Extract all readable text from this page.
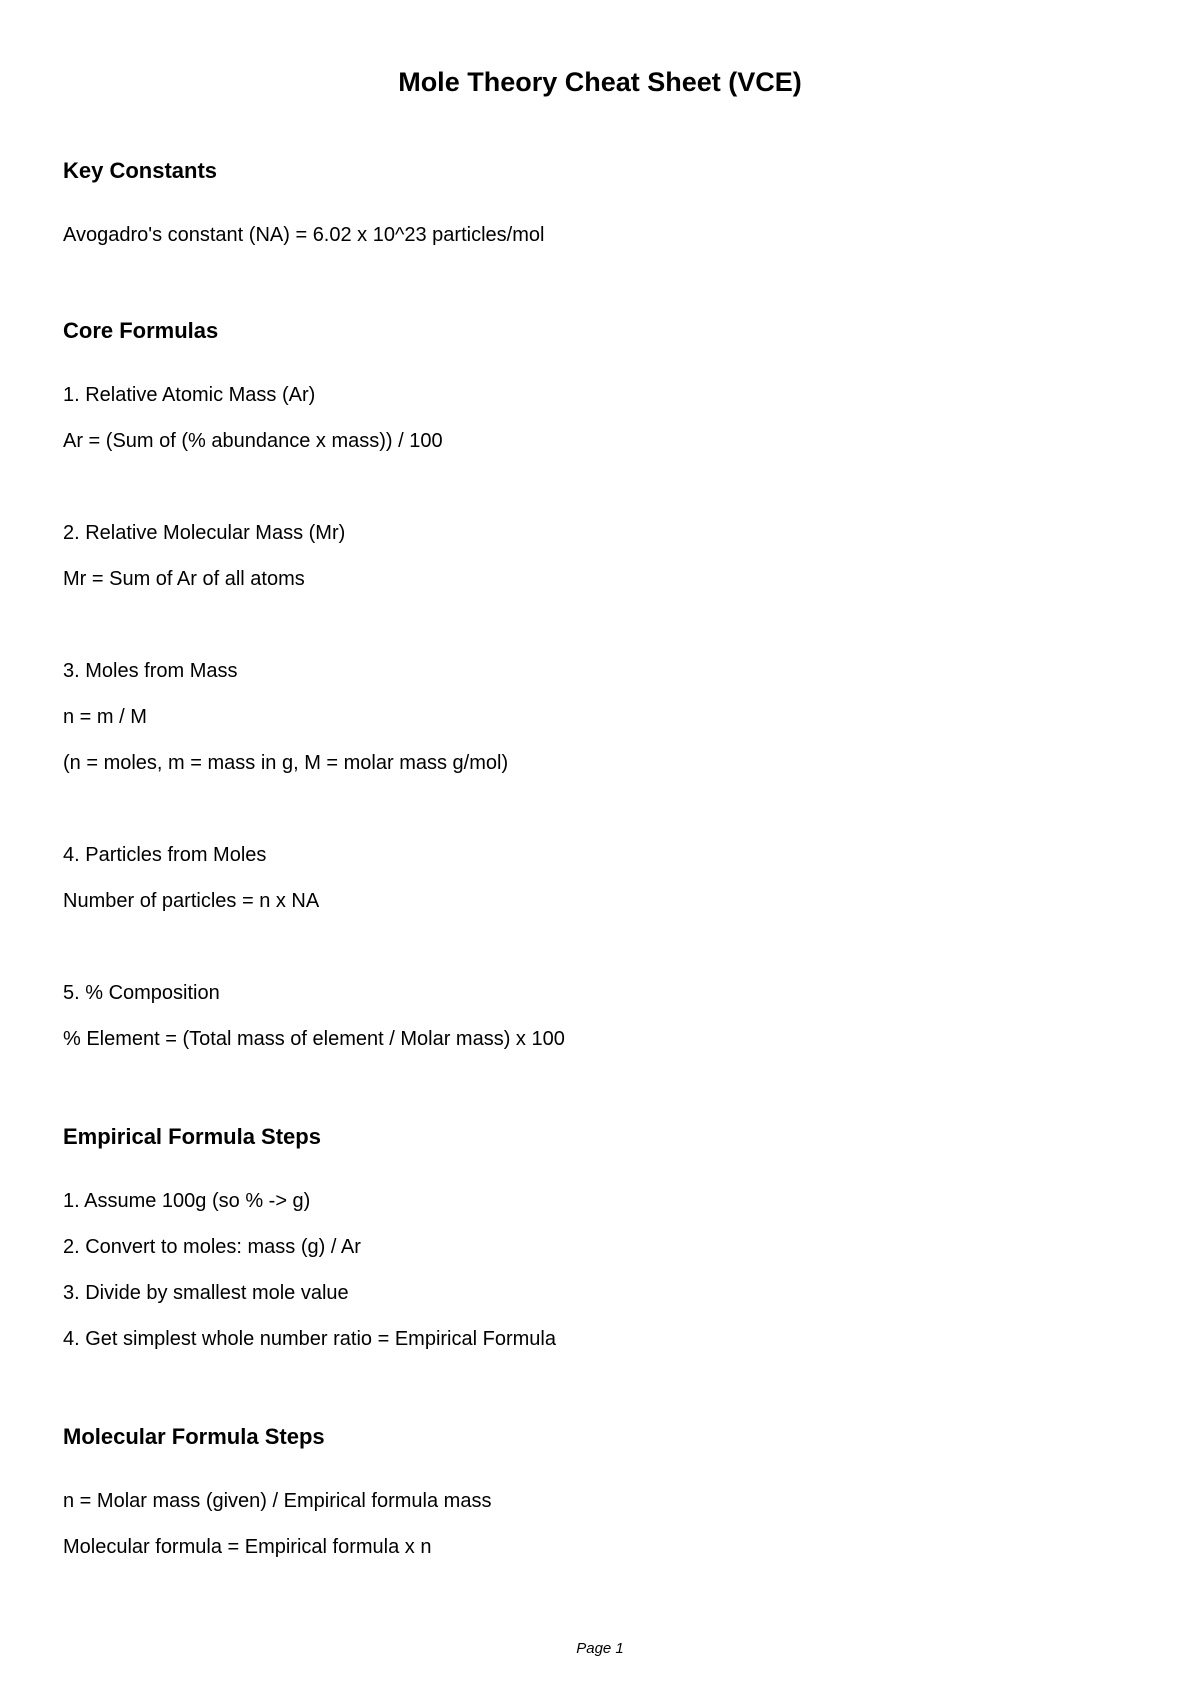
Mole Theory Cheat Sheet (VCE)
Key Constants
Avogadro's constant (NA) = 6.02 x 10^23 particles/mol
Core Formulas
1. Relative Atomic Mass (Ar)
Ar = (Sum of (% abundance x mass)) / 100
2. Relative Molecular Mass (Mr)
Mr = Sum of Ar of all atoms
3. Moles from Mass
n = m / M
(n = moles, m = mass in g, M = molar mass g/mol)
4. Particles from Moles
Number of particles = n x NA
5. % Composition
% Element = (Total mass of element / Molar mass) x 100
Empirical Formula Steps
1. Assume 100g (so % -> g)
2. Convert to moles: mass (g) / Ar
3. Divide by smallest mole value
4. Get simplest whole number ratio = Empirical Formula
Molecular Formula Steps
n = Molar mass (given) / Empirical formula mass
Molecular formula = Empirical formula x n
Page 1
